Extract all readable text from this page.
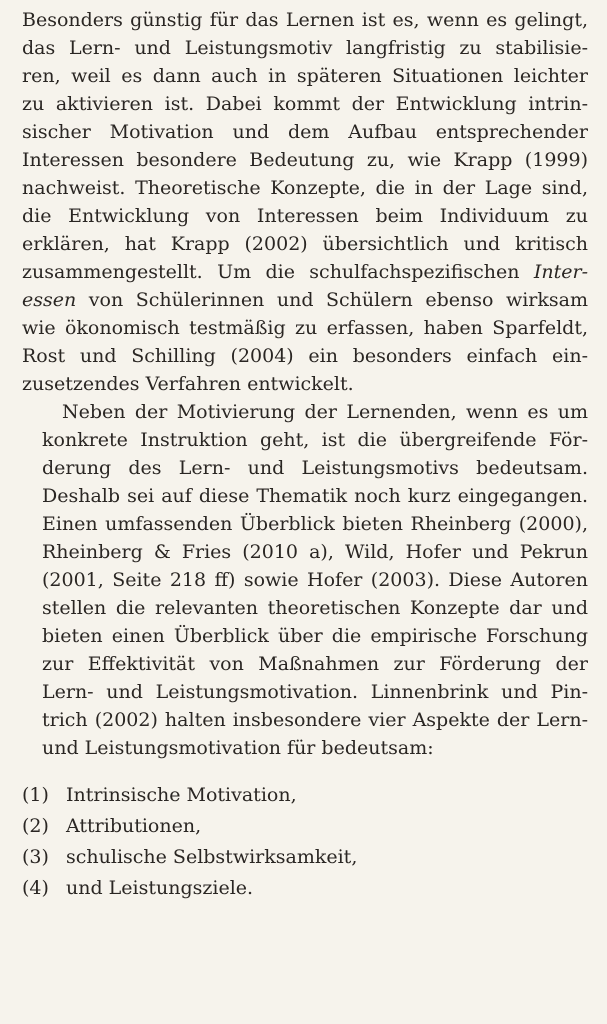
Besonders günstig für das Lernen ist es, wenn es gelingt,
das Lern- und Leistungsmotiv langfristig zu stabilisie-
ren, weil es dann auch in späteren Situationen leichter
zu aktivieren ist. Dabei kommt der Entwicklung intrin-
sischer Motivation und dem Aufbau entsprechender
Interessen besondere Bedeutung zu, wie Krapp (1999)
nachweist. Theoretische Konzepte, die in der Lage sind,
die Entwicklung von Interessen beim Individuum zu
erklären, hat Krapp (2002) übersichtlich und kritisch
zusammengestellt. Um die schulfachspezifischen Inter-
essen von Schülerinnen und Schülern ebenso wirksam
wie ökonomisch testmäßig zu erfassen, haben Sparfeldt,
Rost und Schilling (2004) ein besonders einfach ein-
zusetzendes Verfahren entwickelt.

Neben der Motivierung der Lernenden, wenn es um
konkrete Instruktion geht, ist die übergreifende För-
derung des Lern- und Leistungsmotivs bedeutsam.
Deshalb sei auf diese Thematik noch kurz eingegangen.
Einen umfassenden Überblick bieten Rheinberg (2000),
Rheinberg & Fries (2010 a), Wild, Hofer und Pekrun
(2001, Seite 218 ff) sowie Hofer (2003). Diese Autoren
stellen die relevanten theoretischen Konzepte dar und
bieten einen Überblick über die empirische Forschung
zur Effektivität von Maßnahmen zur Förderung der
Lern- und Leistungsmotivation. Linnenbrink und Pin-
trich (2002) halten insbesondere vier Aspekte der Lern-
und Leistungsmotivation für bedeutsam:

(1) Intrinsische Motivation,
(2) Attributionen,
(3) schulische Selbstwirksamkeit,
(4) und Leistungsziele.
